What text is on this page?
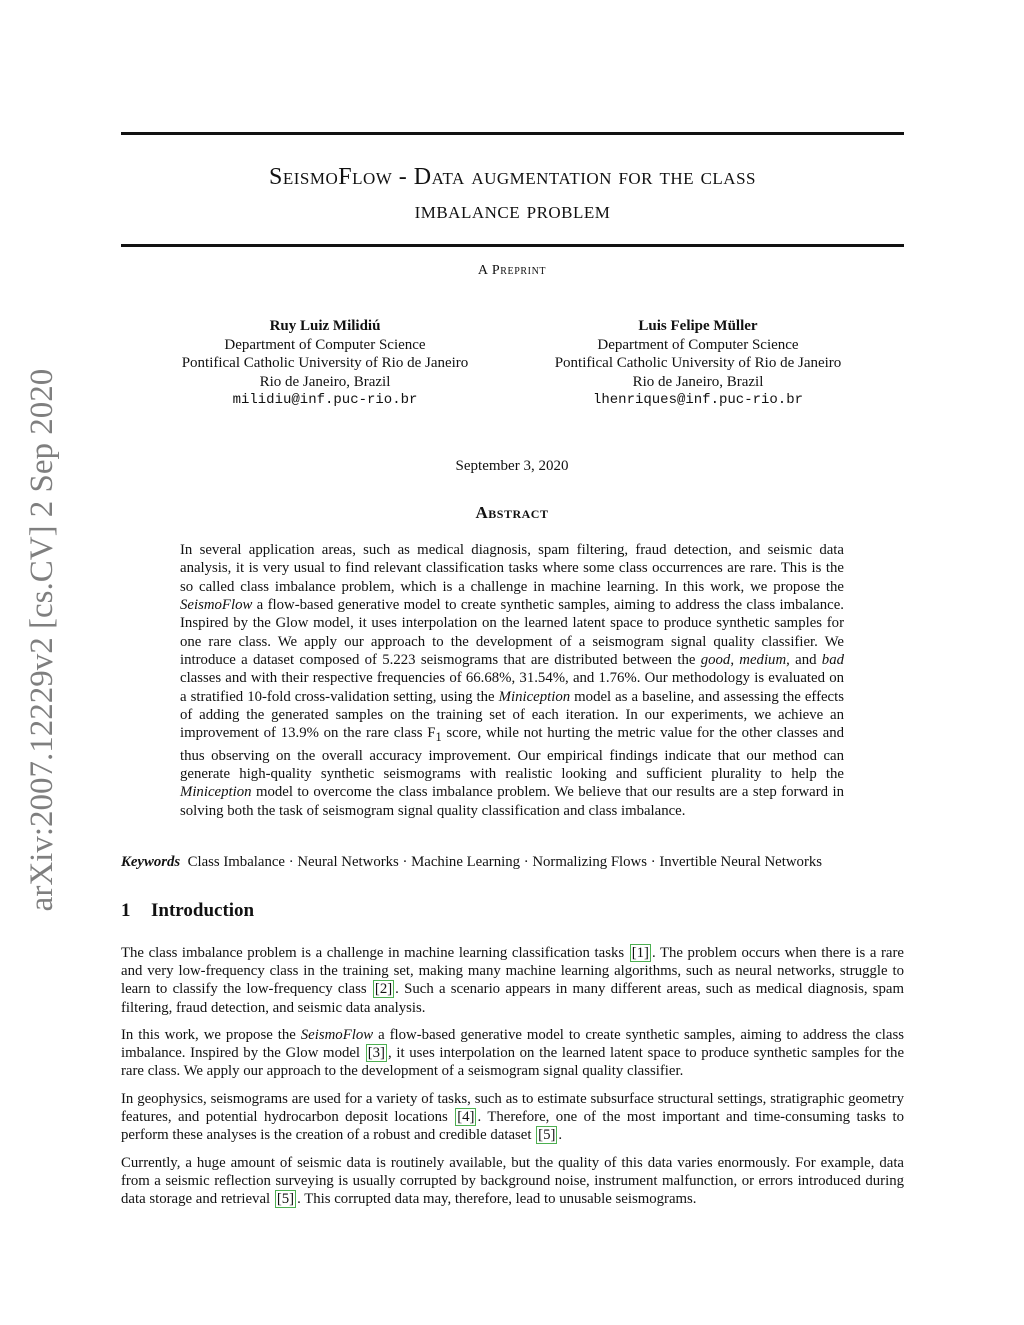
arXiv:2007.12229v2 [cs.CV] 2 Sep 2020
SeismoFlow - Data augmentation for the class
imbalance problem
A Preprint
Ruy Luiz Milidiú
Department of Computer Science
Pontifical Catholic University of Rio de Janeiro
Rio de Janeiro, Brazil
milidiu@inf.puc-rio.br
Luis Felipe Müller
Department of Computer Science
Pontifical Catholic University of Rio de Janeiro
Rio de Janeiro, Brazil
lhenriques@inf.puc-rio.br
September 3, 2020
Abstract
In several application areas, such as medical diagnosis, spam filtering, fraud detection, and seismic data analysis, it is very usual to find relevant classification tasks where some class occurrences are rare. This is the so called class imbalance problem, which is a challenge in machine learning. In this work, we propose the SeismoFlow a flow-based generative model to create synthetic samples, aiming to address the class imbalance. Inspired by the Glow model, it uses interpolation on the learned latent space to produce synthetic samples for one rare class. We apply our approach to the development of a seismogram signal quality classifier. We introduce a dataset composed of 5.223 seismograms that are distributed between the good, medium, and bad classes and with their respective frequencies of 66.68%, 31.54%, and 1.76%. Our methodology is evaluated on a stratified 10-fold cross-validation setting, using the Miniception model as a baseline, and assessing the effects of adding the generated samples on the training set of each iteration. In our experiments, we achieve an improvement of 13.9% on the rare class $F_1$ score, while not hurting the metric value for the other classes and thus observing on the overall accuracy improvement. Our empirical findings indicate that our method can generate high-quality synthetic seismograms with realistic looking and sufficient plurality to help the Miniception model to overcome the class imbalance problem. We believe that our results are a step forward in solving both the task of seismogram signal quality classification and class imbalance.
Keywords Class Imbalance · Neural Networks · Machine Learning · Normalizing Flows · Invertible Neural Networks
1 Introduction
The class imbalance problem is a challenge in machine learning classification tasks [1] . The problem occurs when there is a rare and very low-frequency class in the training set, making many machine learning algorithms, such as neural networks, struggle to learn to classify the low-frequency class [2] . Such a scenario appears in many different areas, such as medical diagnosis, spam filtering, fraud detection, and seismic data analysis.
In this work, we propose the SeismoFlow a flow-based generative model to create synthetic samples, aiming to address the class imbalance. Inspired by the Glow model [3] , it uses interpolation on the learned latent space to produce synthetic samples for the rare class. We apply our approach to the development of a seismogram signal quality classifier.
In geophysics, seismograms are used for a variety of tasks, such as to estimate subsurface structural settings, stratigraphic geometry features, and potential hydrocarbon deposit locations [4] . Therefore, one of the most important and time-consuming tasks to perform these analyses is the creation of a robust and credible dataset [5] .
Currently, a huge amount of seismic data is routinely available, but the quality of this data varies enormously. For example, data from a seismic reflection surveying is usually corrupted by background noise, instrument malfunction, or errors introduced during data storage and retrieval [5] . This corrupted data may, therefore, lead to unusable seismograms.
